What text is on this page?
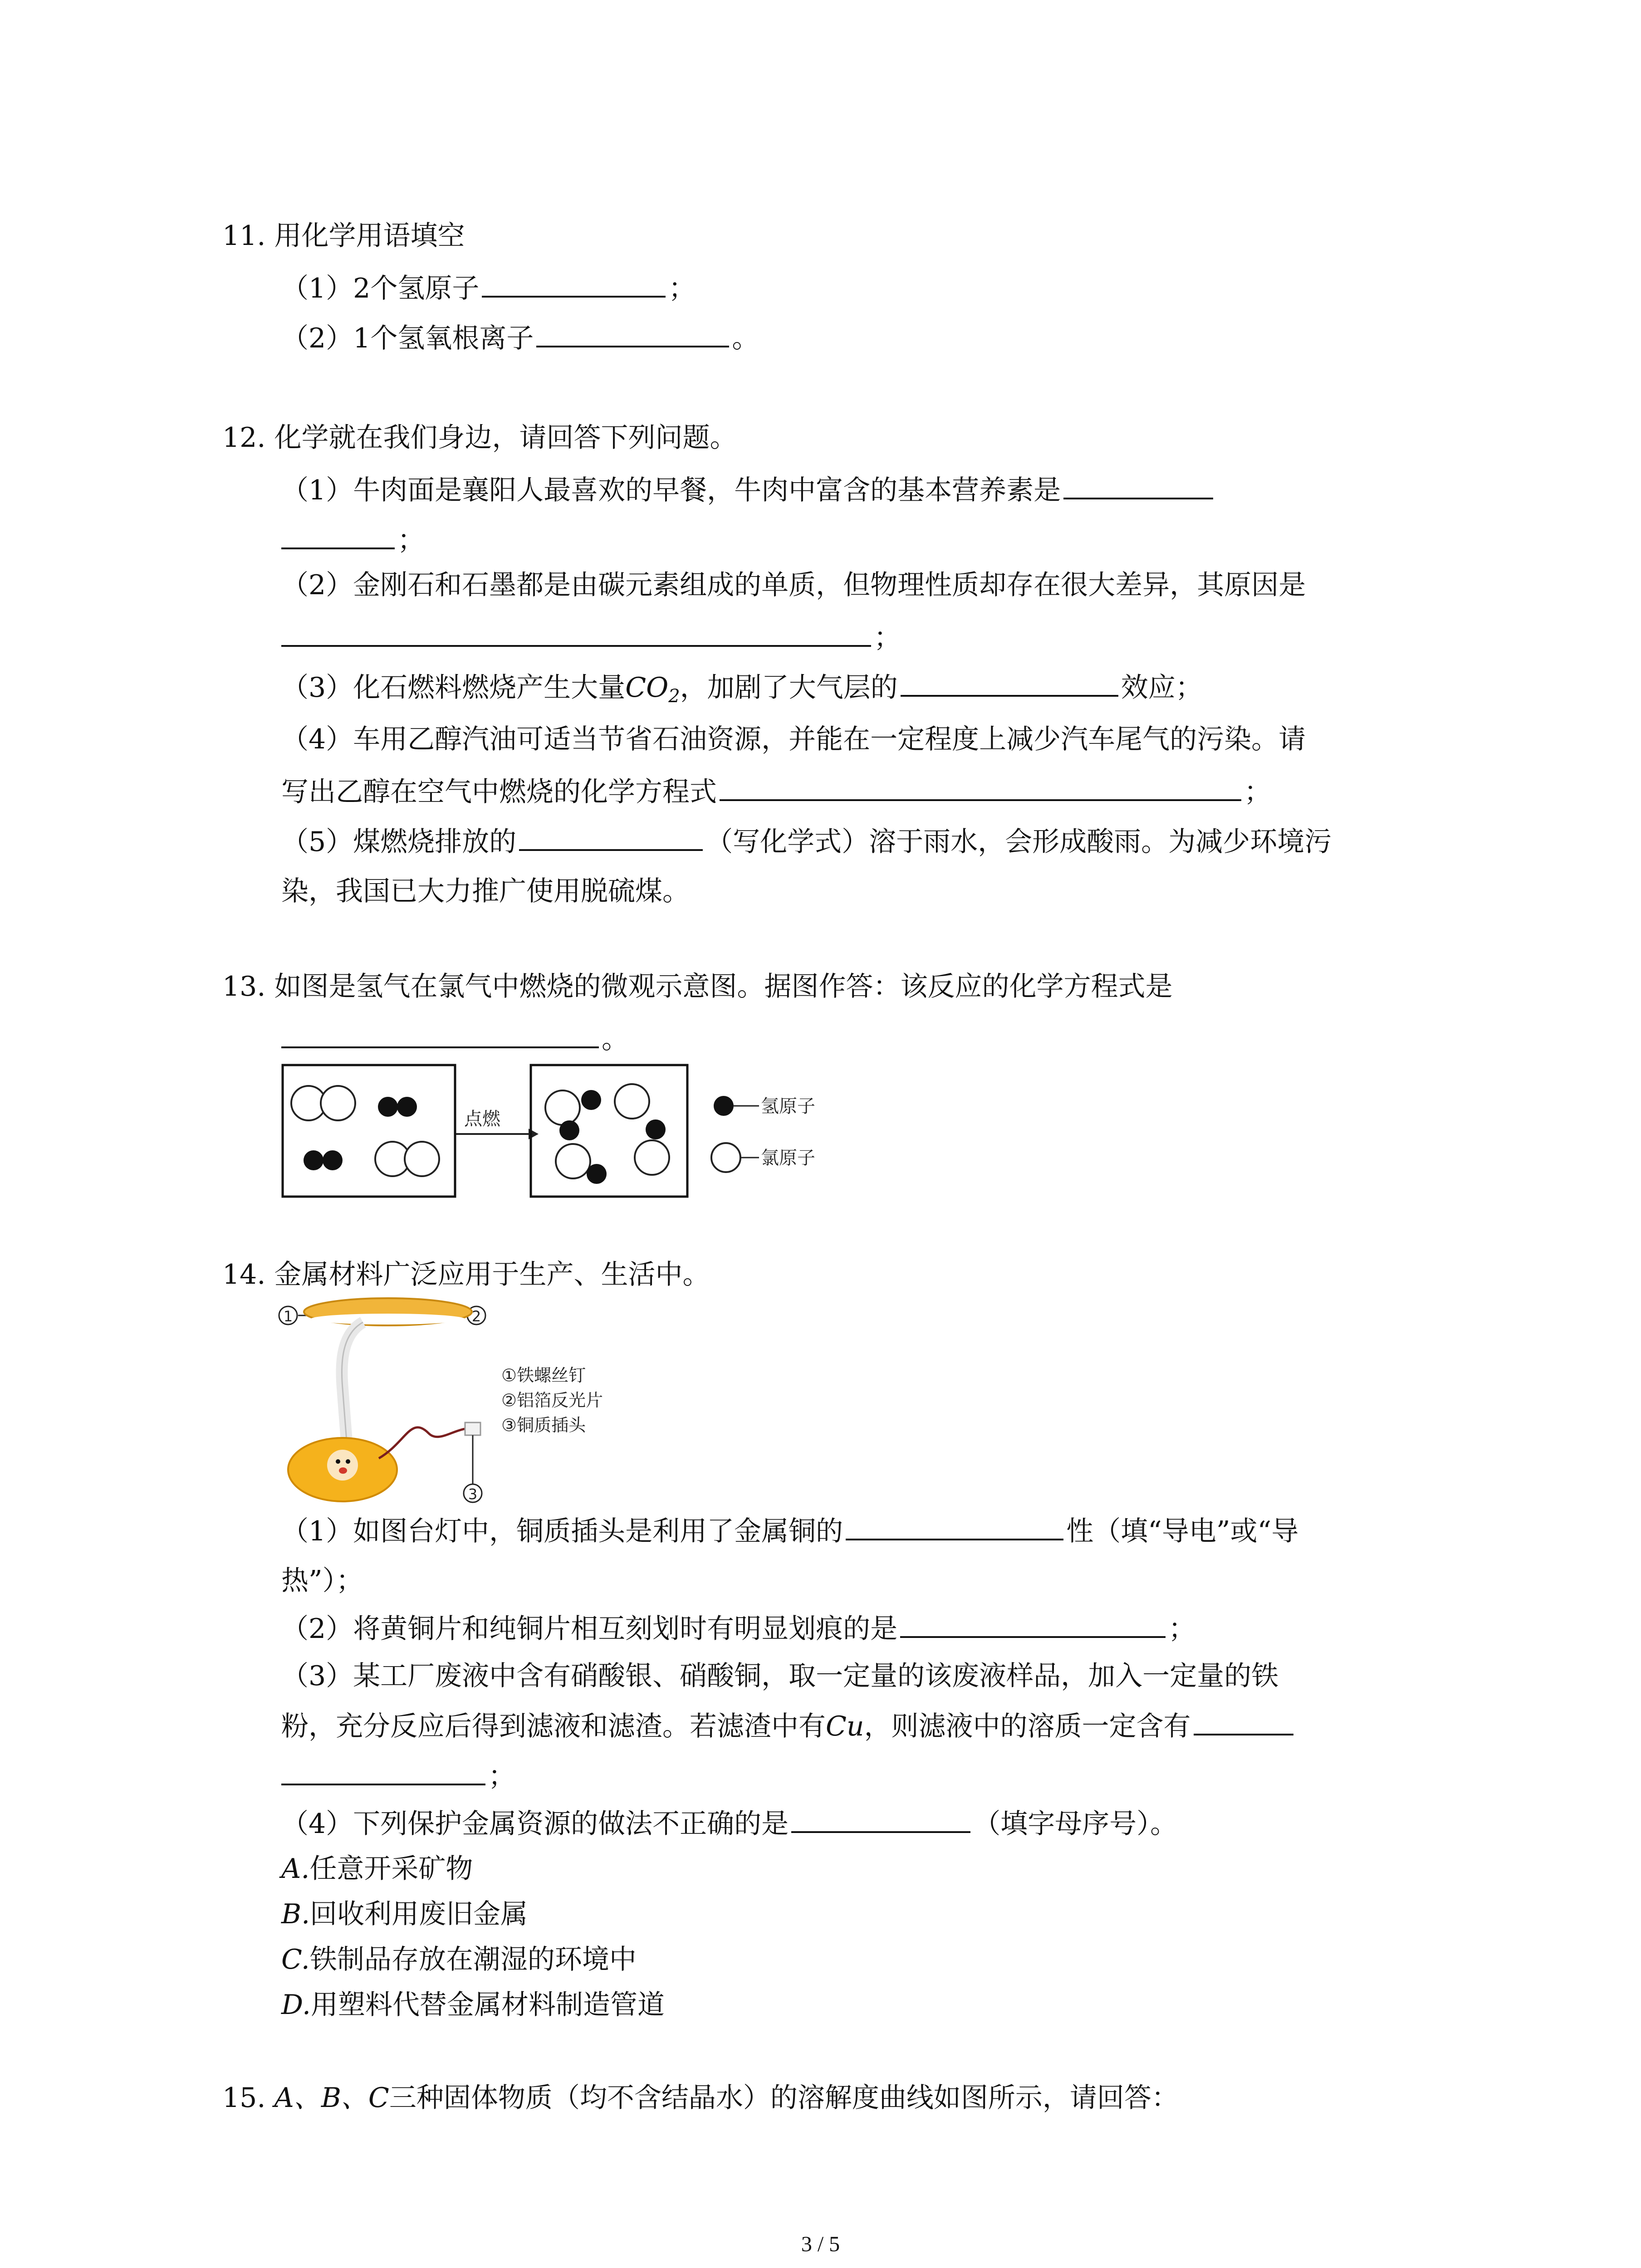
11. 用化学用语填空
（1）2个氢原子	；
（2）1个氢氧根离子	。
12. 化学就在我们身边，请回答下列问题。
（1）牛肉面是襄阳人最喜欢的早餐，牛肉中富含的基本营养素是
；
（2）金刚石和石墨都是由碳元素组成的单质，但物理性质却存在很大差异，其原因是
；
（3）化石燃料燃烧产生大量$CO_2$，加剧了大气层的	效应；
（4）车用乙醇汽油可适当节省石油资源，并能在一定程度上减少汽车尾气的污染。请
写出乙醇在空气中燃烧的化学方程式	；
（5）煤燃烧排放的	（写化学式）溶于雨水，会形成酸雨。为减少环境污
染，我国已大力推广使用脱硫煤。
13. 如图是氢气在氯气中燃烧的微观示意图。据图作答：该反应的化学方程式是
。
点燃
氢原子
氯原子
14. 金属材料广泛应用于生产、生活中。
1	2
3
①铁螺丝钉
②铝箔反光片
③铜质插头
（1）如图台灯中，铜质插头是利用了金属铜的	性（填“导电”或“导
热”）；
（2）将黄铜片和纯铜片相互刻划时有明显划痕的是	；
（3）某工厂废液中含有硝酸银、硝酸铜，取一定量的该废液样品，加入一定量的铁
粉，充分反应后得到滤液和滤渣。若滤渣中有Cu，则滤液中的溶质一定含有
；
（4）下列保护金属资源的做法不正确的是	（填字母序号）。
A.任意开采矿物
B.回收利用废旧金属
C.铁制品存放在潮湿的环境中
D.用塑料代替金属材料制造管道
15. A、B、C三种固体物质（均不含结晶水）的溶解度曲线如图所示，请回答：
3 / 5
